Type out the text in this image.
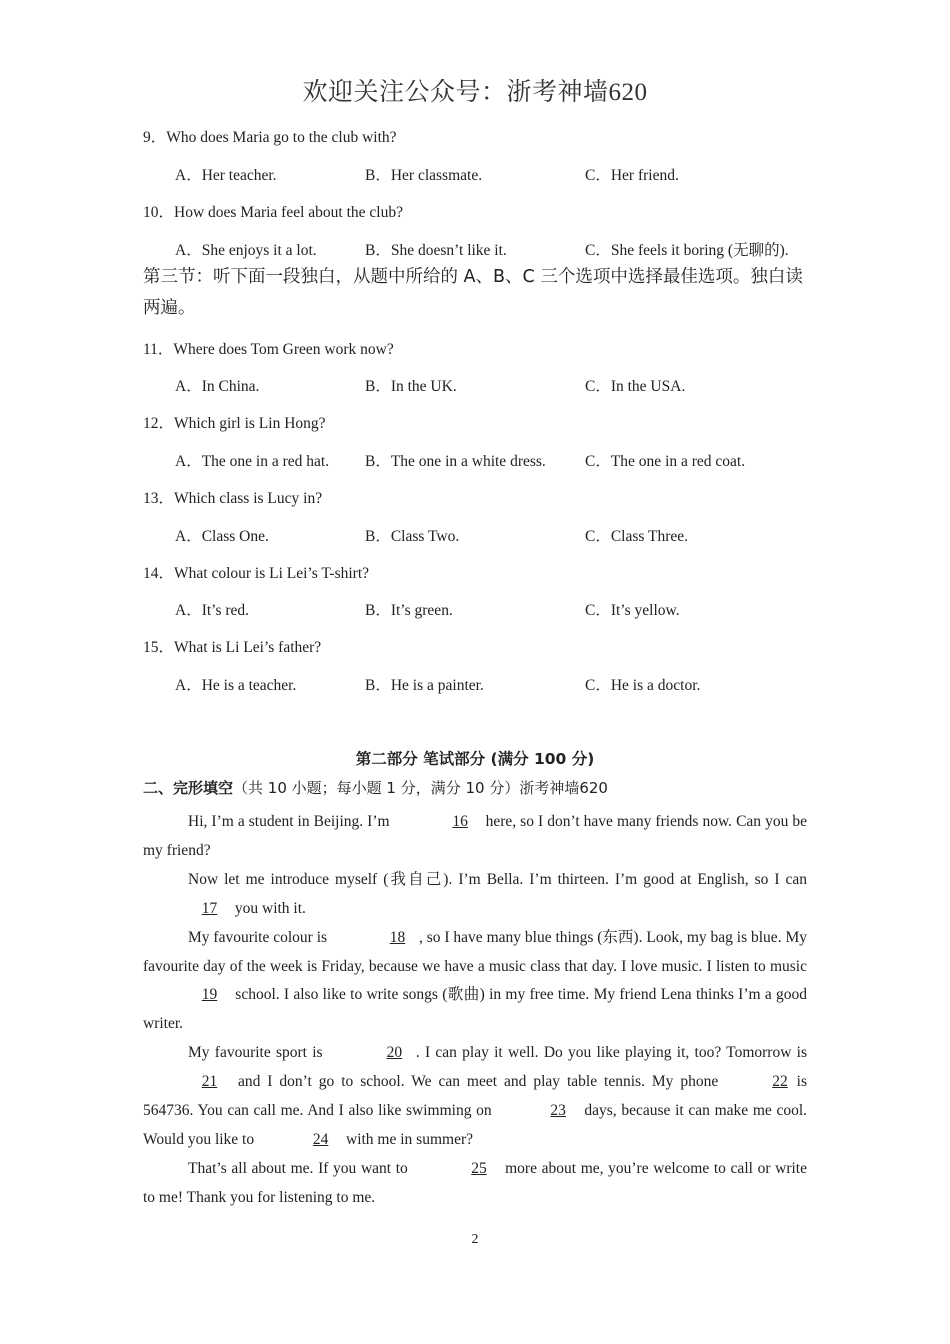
欢迎关注公众号：浙考神墙620
9．Who does Maria go to the club with?
A．Her teacher.	B．Her classmate.	C．Her friend.
10．How does Maria feel about the club?
A．She enjoys it a lot.	B．She doesn’t like it.	C．She feels it boring (无聊的).
第三节：听下面一段独白，从题中所给的 A、B、C 三个选项中选择最佳选项。独白读两遍。
11．Where does Tom Green work now?
A．In China.	B．In the UK.	C．In the USA.
12．Which girl is Lin Hong?
A．The one in a red hat. B．The one in a white dress.	C．The one in a red coat.
13．Which class is Lucy in?
A．Class One.	B．Class Two.	C．Class Three.
14．What colour is Li Lei’s T-shirt?
A．It’s red.	B．It’s green.	C．It’s yellow.
15．What is Li Lei’s father?
A．He is a teacher.	B．He is a painter.	C．He is a doctor.
第二部分 笔试部分 (满分 100 分)
二、完形填空（共 10 小题；每小题 1 分，满分 10 分）浙考神墙620

Hi, I’m a student in Beijing. I’m	16 here, so I don’t have many friends now. Can you be my friend?

Now let me introduce myself (我自己). I’m Bella. I’m thirteen. I’m good at English, so I can 17 you with it.

My favourite colour is	18 , so I have many blue things (东西). Look, my bag is blue. My favourite day of the week is Friday, because we have a music class that day. I love music. I listen to music 19 school. I also like to write songs (歌曲) in my free time. My friend Lena thinks I’m a good writer.

My favourite sport is	20 . I can play it well. Do you like playing it, too? Tomorrow is21 and I don’t go to school. We can meet and play table tennis. My phone	22 is 564736. You can call me. And I also like swimming on	23 days, because it can make me cool. Would you like to	24 with me in summer?

That’s all about me. If you want to	25 more about me, you’re welcome to call or write to me! Thank you for listening to me.

2
